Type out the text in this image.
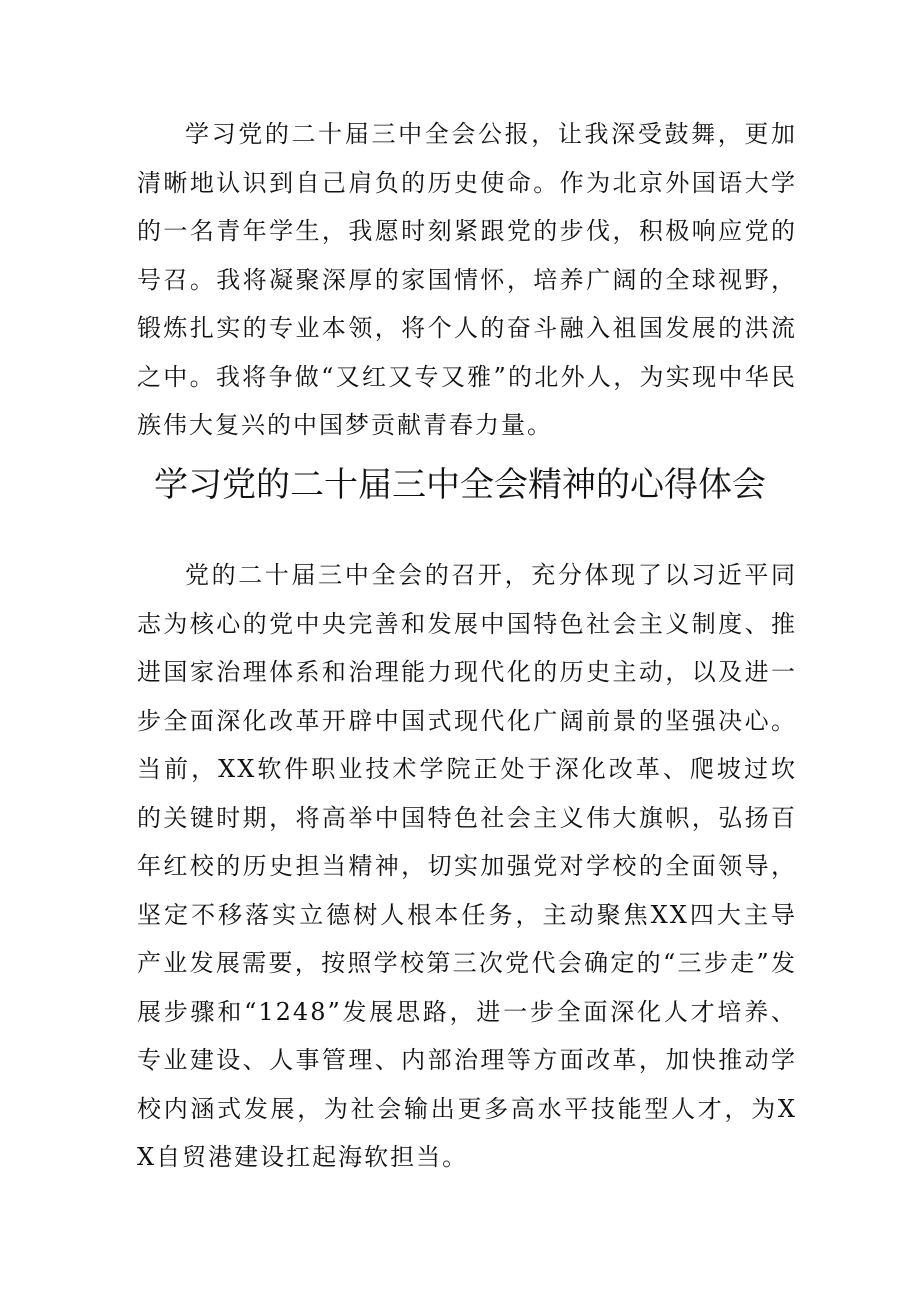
学习党的二十届三中全会公报，让我深受鼓舞，更加清晰地认识到自己肩负的历史使命。作为北京外国语大学的一名青年学生，我愿时刻紧跟党的步伐，积极响应党的号召。我将凝聚深厚的家国情怀，培养广阔的全球视野，锻炼扎实的专业本领，将个人的奋斗融入祖国发展的洪流之中。我将争做“又红又专又雅”的北外人，为实现中华民族伟大复兴的中国梦贡献青春力量。

学习党的二十届三中全会精神的心得体会

党的二十届三中全会的召开，充分体现了以习近平同志为核心的党中央完善和发展中国特色社会主义制度、推进国家治理体系和治理能力现代化的历史主动，以及进一步全面深化改革开辟中国式现代化广阔前景的坚强决心。当前，XX软件职业技术学院正处于深化改革、爬坡过坎的关键时期，将高举中国特色社会主义伟大旗帜，弘扬百年红校的历史担当精神，切实加强党对学校的全面领导，坚定不移落实立德树人根本任务，主动聚焦XX四大主导产业发展需要，按照学校第三次党代会确定的“三步走”发展步骤和“1248”发展思路，进一步全面深化人才培养、专业建设、人事管理、内部治理等方面改革，加快推动学校内涵式发展，为社会输出更多高水平技能型人才，为XX自贸港建设扛起海软担当。
